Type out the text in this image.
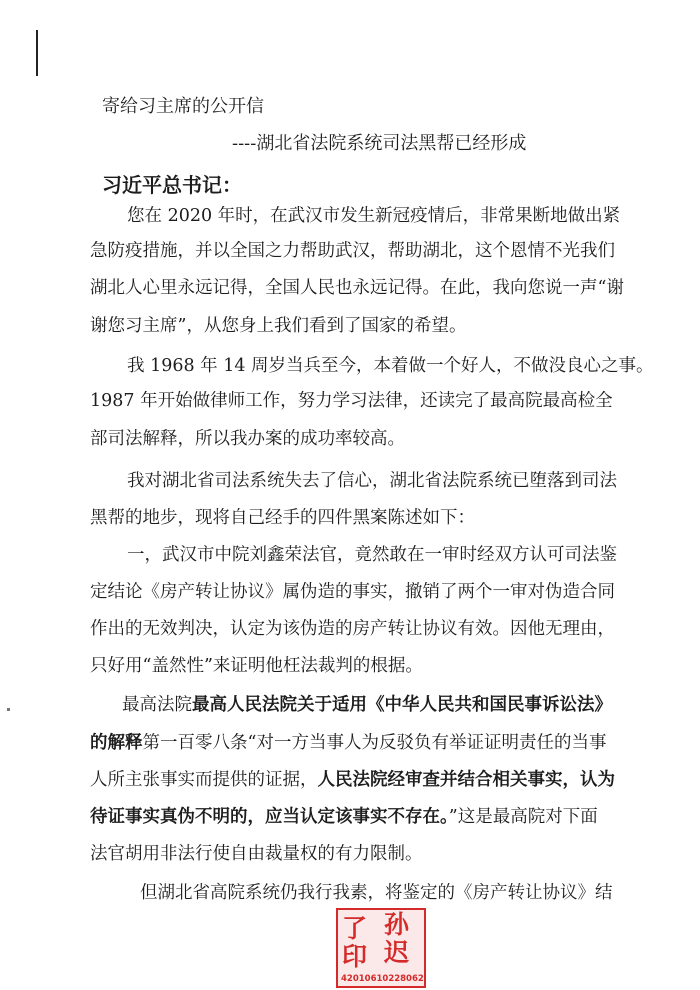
寄给习主席的公开信
----湖北省法院系统司法黑帮已经形成
习近平总书记：
您在 2020 年时，在武汉市发生新冠疫情后，非常果断地做出紧
急防疫措施，并以全国之力帮助武汉，帮助湖北，这个恩情不光我们
湖北人心里永远记得，全国人民也永远记得。在此，我向您说一声“谢
谢您习主席”，从您身上我们看到了国家的希望。
我 1968 年 14 周岁当兵至今，本着做一个好人，不做没良心之事。
1987 年开始做律师工作，努力学习法律，还读完了最高院最高检全
部司法解释，所以我办案的成功率较高。
我对湖北省司法系统失去了信心，湖北省法院系统已堕落到司法
黑帮的地步，现将自己经手的四件黑案陈述如下：
一，武汉市中院刘鑫荣法官，竟然敢在一审时经双方认可司法鉴
定结论《房产转让协议》属伪造的事实，撤销了两个一审对伪造合同
作出的无效判决，认定为该伪造的房产转让协议有效。因他无理由，
只好用“盖然性”来证明他枉法裁判的根据。
最高法院最高人民法院关于适用《中华人民共和国民事诉讼法》
的解释第一百零八条“对一方当事人为反驳负有举证证明责任的当事
人所主张事实而提供的证据，人民法院经审查并结合相关事实，认为
待证事实真伪不明的，应当认定该事实不存在。”这是最高院对下面
法官胡用非法行使自由裁量权的有力限制。
但湖北省高院系统仍我行我素，将鉴定的《房产转让协议》结
了 孙
印 迟
42010610228062
